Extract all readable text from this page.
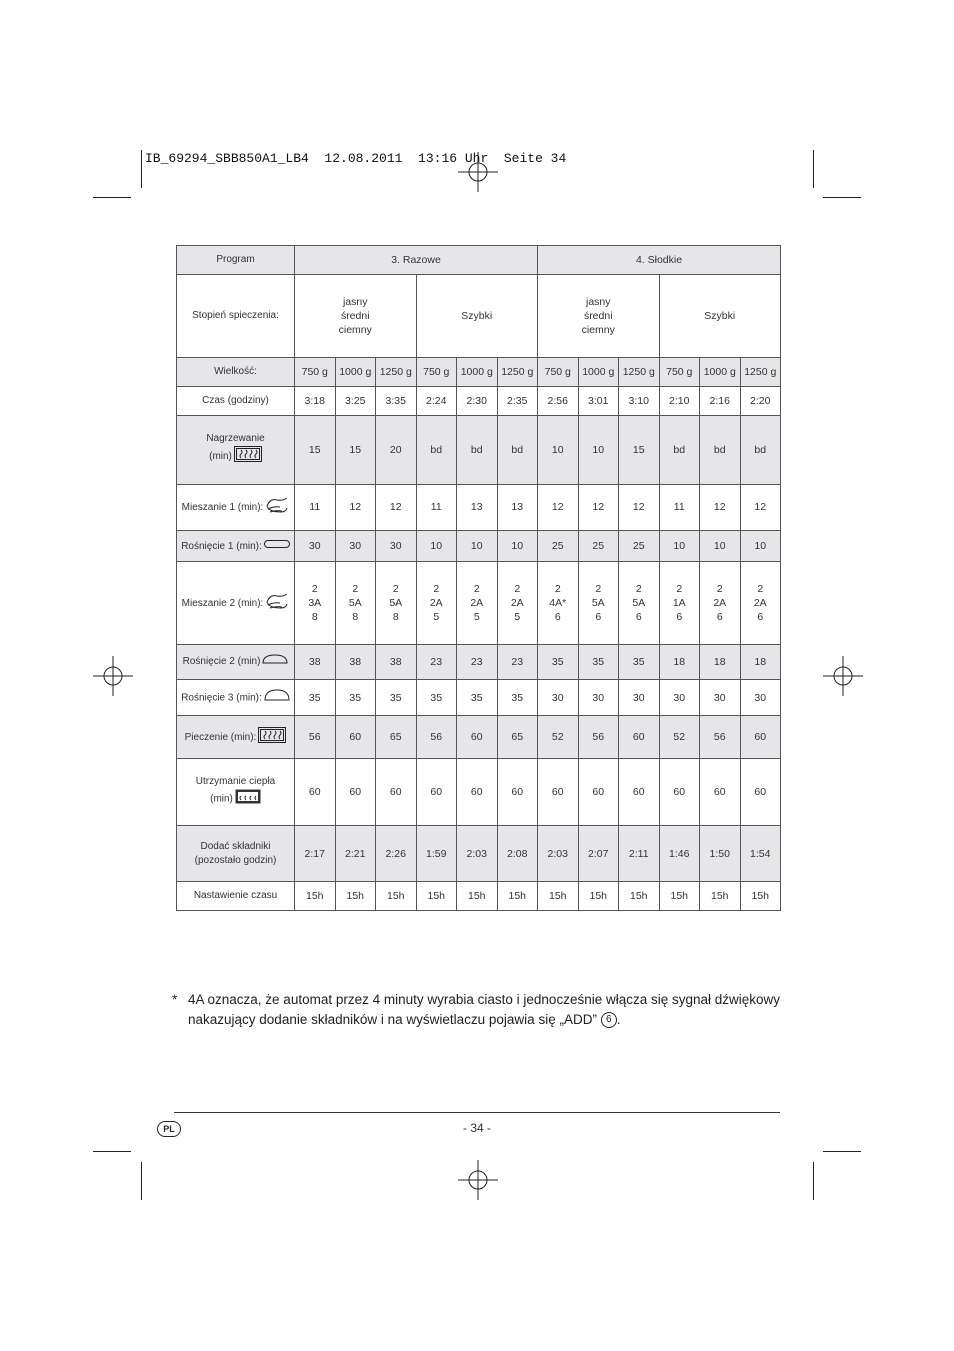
IB_69294_SBB850A1_LB4  12.08.2011  13:16 Uhr  Seite 34
Program	3. Razowe						4. Słodkie					
Stopień spieczenia:	jasny
średni
ciemny			Szybki			jasny
średni
ciemny			Szybki		
Wielkość:	750 g	1000 g	1250 g	750 g	1000 g	1250 g	750 g	1000 g	1250 g	750 g	1000 g	1250 g
Czas (godziny)	3:18	3:25	3:35	2:24	2:30	2:35	2:56	3:01	3:10	2:10	2:16	2:20
Nagrzewanie
(min)	15	15	20	bd	bd	bd	10	10	15	bd	bd	bd
Mieszanie 1 (min):	11	12	12	11	13	13	12	12	12	11	12	12
Rośnięcie 1 (min):	30	30	30	10	10	10	25	25	25	10	10	10
Mieszanie 2 (min):	2
3A
8	2
5A
8	2
5A
8	2
2A
5	2
2A
5	2
2A
5	2
4A*
6	2
5A
6	2
5A
6	2
1A
6	2
2A
6	2
2A
6
Rośnięcie 2 (min)	38	38	38	23	23	23	35	35	35	18	18	18
Rośnięcie 3 (min):	35	35	35	35	35	35	30	30	30	30	30	30
Pieczenie (min):	56	60	65	56	60	65	52	56	60	52	56	60
Utrzymanie ciepła
(min)	60	60	60	60	60	60	60	60	60	60	60	60
Dodać składniki
(pozostało godzin)	2:17	2:21	2:26	1:59	2:03	2:08	2:03	2:07	2:11	1:46	1:50	1:54
Nastawienie czasu	15h	15h	15h	15h	15h	15h	15h	15h	15h	15h	15h	15h
* 4A oznacza, że automat przez 4 minuty wyrabia ciasto i jednocześnie włącza się sygnał dźwiękowy nakazujący dodanie składników i na wyświetlaczu pojawia się „ADD” 6 .
PL	- 34 -
